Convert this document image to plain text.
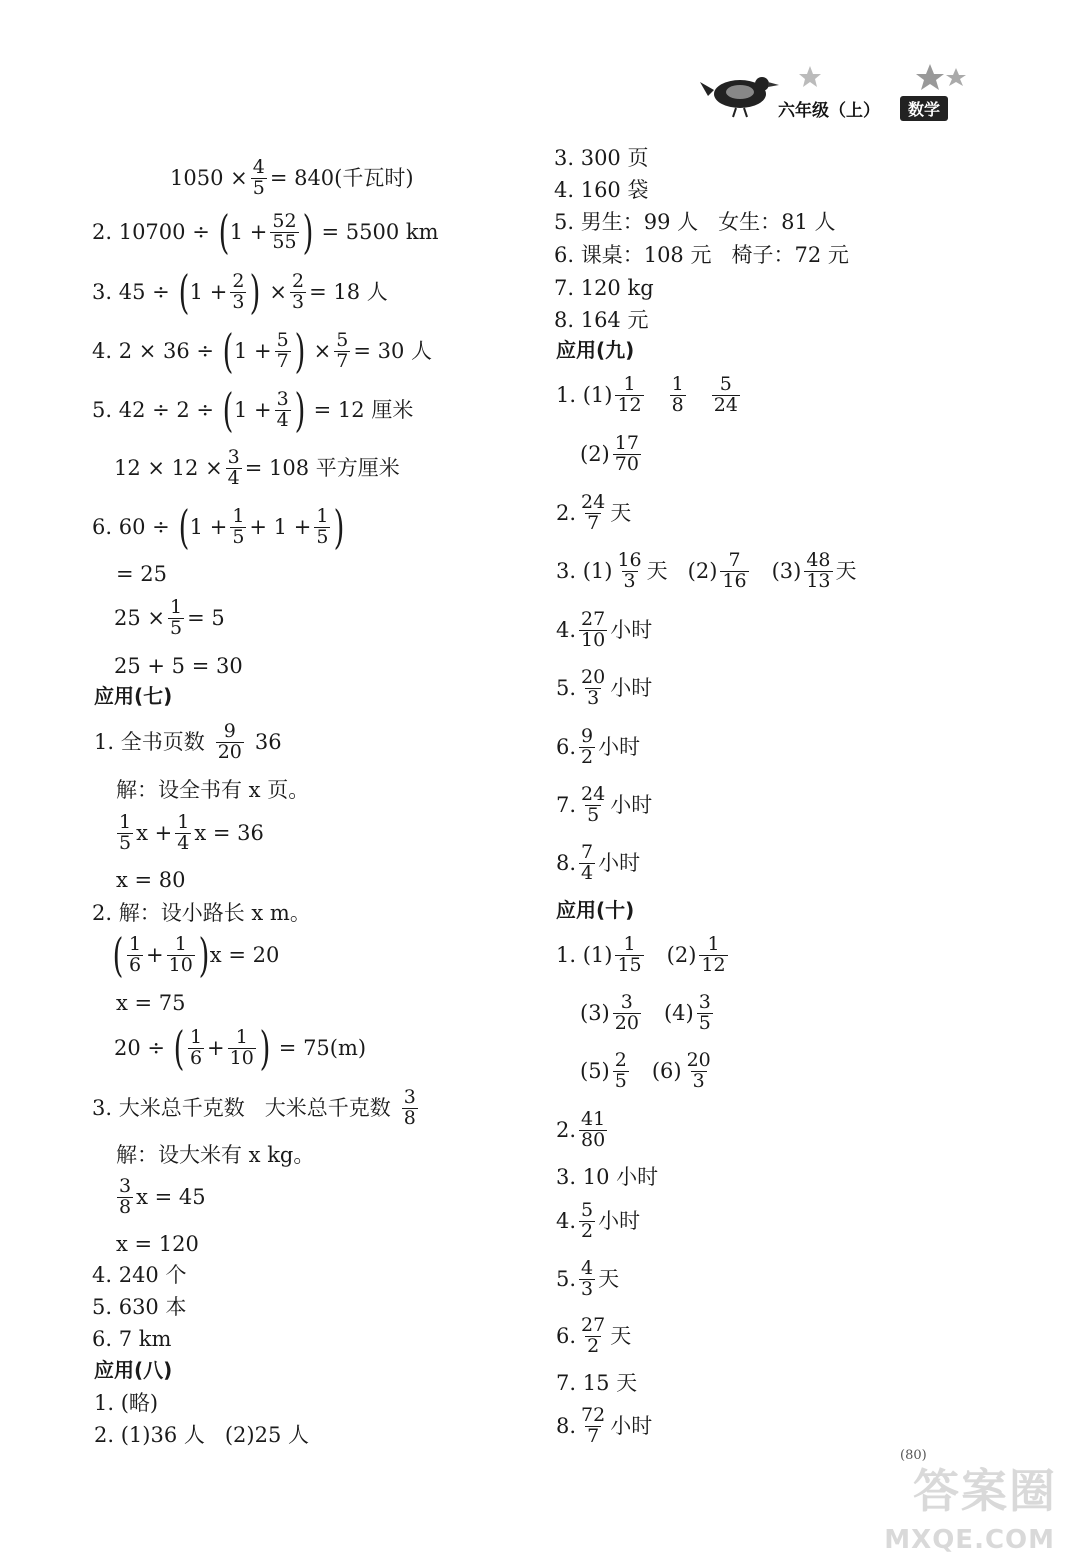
六年级（上）	数学
$1050 \times \frac{4}{5} = 840$(千瓦时)
2. 10700 ÷ ( $1 + \frac{52}{55}$ ) = 5500 km
3. 45 ÷ ( $1 + \frac{2}{3}$ ) × $\frac{2}{3} = 18$ 人
4. 2 × 36 ÷ ( $1 + \frac{5}{7}$ ) × $\frac{5}{7} = 30$ 人
5. 42 ÷ 2 ÷ ( $1 + \frac{3}{4}$ ) = 12 厘米
$12 \times 12 \times \frac{3}{4} = 108$ 平方厘米
6. 60 ÷ ( $1 + \frac{1}{5} + 1 + \frac{1}{5}$ )
= 25
$25 \times \frac{1}{5} = 5$
25 + 5 = 30
应用(七)
1. 全书页数 $\frac{9}{20} 36$
解：设全书有 x 页。
$\frac{1}{5}$ $x + \frac{1}{4}$ x = 36
x = 80
2. 解：设小路长 x m。
( $\frac{1}{6} + \frac{1}{10}$ ) x = 20
x = 75
20 ÷ ( $\frac{1}{6} + \frac{1}{10}$ ) = 75(m)
3. 大米总千克数 大米总千克数 $\frac{3}{8}$
解：设大米有 x kg。
$\frac{3}{8}$ x = 45
x = 120
4. 240 个
5. 630 本
6. 7 km
应用(八)
1. (略)
2. (1)36 人 (2)25 人
3. 300 页
4. 160 袋
5. 男生：99 人 女生：81 人
6. 课桌：108 元 椅子：72 元
7. 120 kg
8. 164 元
应用(九)
1. $(1) \frac{1}{12} \frac{1}{8} \frac{5}{24}$
$(2) \frac{17}{70}$
2. $\frac{24}{7}$ 天
3. $(1) \frac{16}{3}$ 天 $(2) \frac{7}{16} (3) \frac{48}{13}$ 天
4. $\frac{27}{10}$ 小时
5. $\frac{20}{3}$ 小时
6. $\frac{9}{2}$ 小时
7. $\frac{24}{5}$ 小时
8. $\frac{7}{4}$ 小时
应用(十)
1. $(1) \frac{1}{15} (2) \frac{1}{12}$
$(3) \frac{3}{20} (4) \frac{3}{5}$
$(5) \frac{2}{5} (6) \frac{20}{3}$
2. $\frac{41}{80}$
3. 10 小时
4. $\frac{5}{2}$ 小时
5. $\frac{4}{3}$ 天
6. $\frac{27}{2}$ 天
7. 15 天
8. $\frac{72}{7}$ 小时
(80)
答案圈
MXQE.COM
